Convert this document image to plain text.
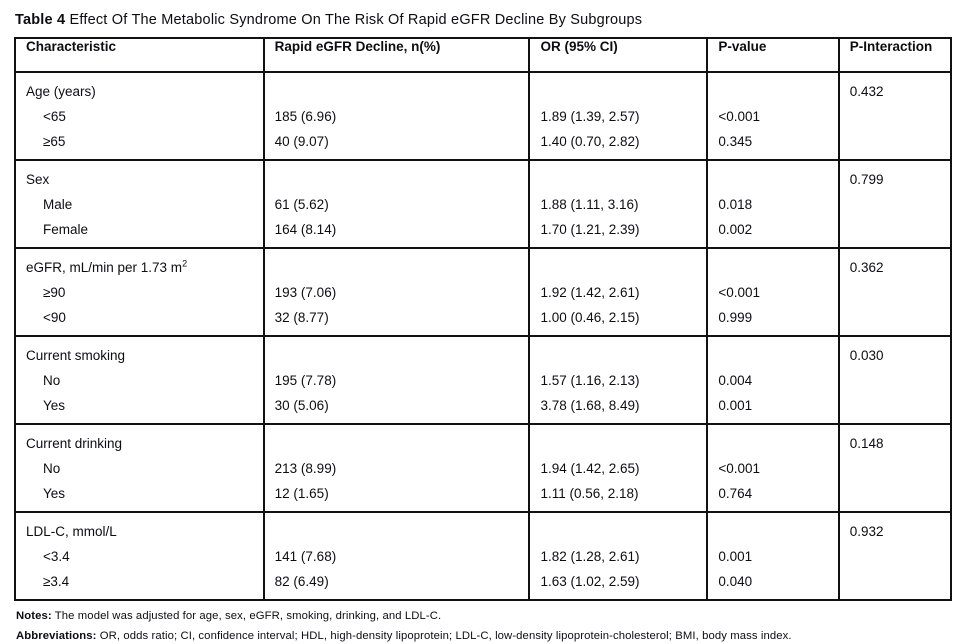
Table 4 Effect Of The Metabolic Syndrome On The Risk Of Rapid eGFR Decline By Subgroups
Characteristic	Rapid eGFR Decline, n(%)	OR (95% CI)	P-value	P-Interaction
Age (years)				0.432
<65	185 (6.96)	1.89 (1.39, 2.57)	<0.001	
≥65	40 (9.07)	1.40 (0.70, 2.82)	0.345	
Sex				0.799
Male	61 (5.62)	1.88 (1.11, 3.16)	0.018	
Female	164 (8.14)	1.70 (1.21, 2.39)	0.002	
eGFR, mL/min per 1.73 $m^2$				0.362
≥90	193 (7.06)	1.92 (1.42, 2.61)	<0.001	
<90	32 (8.77)	1.00 (0.46, 2.15)	0.999	
Current smoking				0.030
No	195 (7.78)	1.57 (1.16, 2.13)	0.004	
Yes	30 (5.06)	3.78 (1.68, 8.49)	0.001	
Current drinking				0.148
No	213 (8.99)	1.94 (1.42, 2.65)	<0.001	
Yes	12 (1.65)	1.11 (0.56, 2.18)	0.764	
LDL-C, mmol/L				0.932
<3.4	141 (7.68)	1.82 (1.28, 2.61)	0.001	
≥3.4	82 (6.49)	1.63 (1.02, 2.59)	0.040	

Notes: The model was adjusted for age, sex, eGFR, smoking, drinking, and LDL-C.

Abbreviations: OR, odds ratio; CI, confidence interval; HDL, high-density lipoprotein; LDL-C, low-density lipoprotein-cholesterol; BMI, body mass index.
